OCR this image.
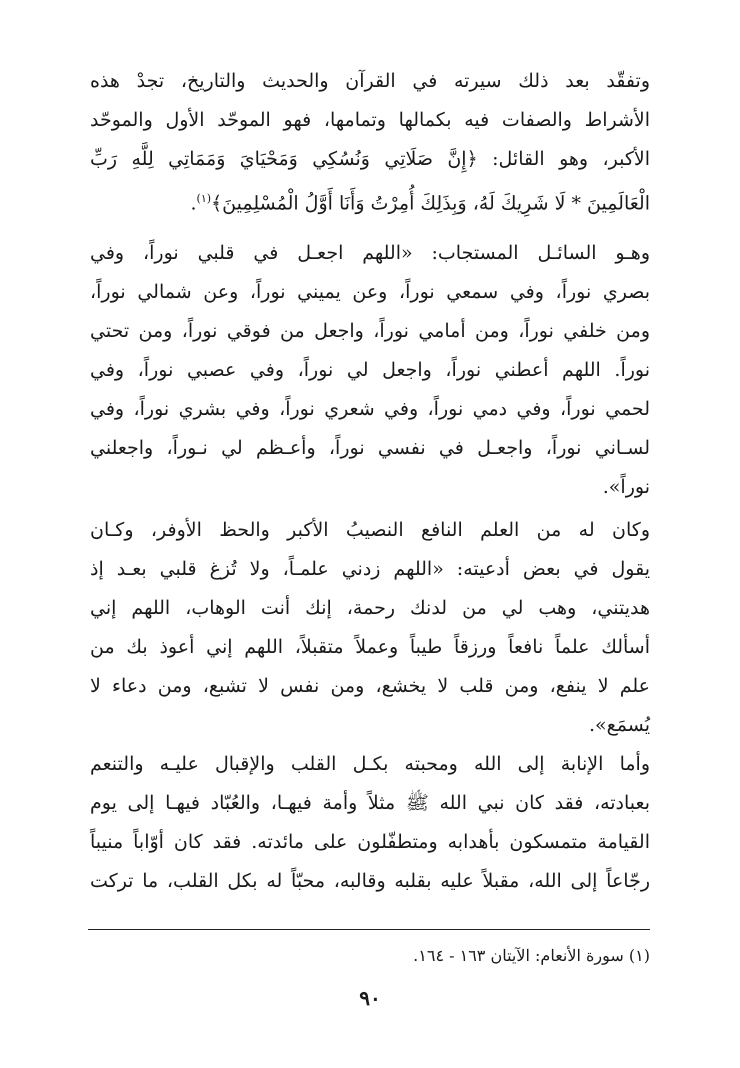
وتفقّد بعد ذلك سيرته في القرآن والحديث والتاريخ، تجدْ هذه
الأشراط والصفات فيه بكمالها وتمامها، فهو الموحّد الأول والموحّد
الأكبر، وهو القائل: ﴿إِنَّ صَلَاتِي وَنُسُكِي وَمَحْيَايَ وَمَمَاتِي لِلَّهِ رَبِّ
الْعَالَمِينَ * لَا شَرِيكَ لَهُ، وَبِذَلِكَ أُمِرْتُ وَأَنَا أَوَّلُ الْمُسْلِمِينَ﴾$^{(١)}$.
وهـو السائـل المستجاب: «اللهم اجعـل في قلبي نوراً، وفي
بصري نوراً، وفي سمعي نوراً، وعن يميني نوراً، وعن شمالي نوراً،
ومن خلفي نوراً، ومن أمامي نوراً، واجعل من فوقي نوراً، ومن تحتي
نوراً. اللهم أعطني نوراً، واجعل لي نوراً، وفي عصبي نوراً، وفي
لحمي نوراً، وفي دمي نوراً، وفي شعري نوراً، وفي بشري نوراً، وفي
لسـاني نوراً، واجعـل في نفسي نوراً، وأعـظم لي نـوراً، واجعلني
نوراً».
وكان له من العلم النافع النصيبُ الأكبر والحظ الأوفر، وكـان
يقول في بعض أدعيته: «اللهم زدني علمـاً، ولا تُزغ قلبي بعـد إذ
هديتني، وهب لي من لدنك رحمة، إنك أنت الوهاب، اللهم إني
أسألك علماً نافعاً ورزقاً طيباً وعملاً متقبلاً، اللهم إني أعوذ بك من
علم لا ينفع، ومن قلب لا يخشع، ومن نفس لا تشبع، ومن دعاء لا
يُسمَع».
وأما الإنابة إلى الله ومحبته بكـل القلب والإقبال عليـه والتنعم
بعبادته، فقد كان نبي الله ﷺ مثلاً وأمة فيهـا، والعُبّاد فيهـا إلى يوم
القيامة متمسكون بأهدابه ومتطفّلون على مائدته. فقد كان أوّاباً منيباً
رجّاعاً إلى الله، مقبلاً عليه بقلبه وقالبه، محبّاً له بكل القلب، ما تركت
(١) سورة الأنعام: الآيتان ١٦٣ - ١٦٤.
٩٠
